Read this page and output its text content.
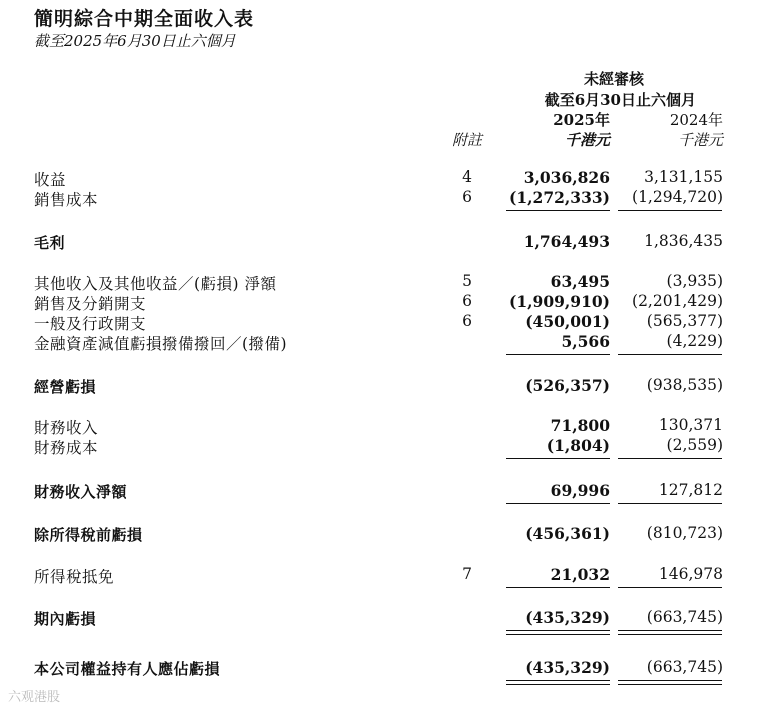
簡明綜合中期全面收入表
截至2025年6月30日止六個月
未經審核
截至6月30日止六個月
2025年	2024年
附註	千港元	千港元
收益	4	3,036,826 3,131,155
銷售成本	6 (1,272,333) (1,294,720)
毛利	1,764,493 1,836,435
其他收入及其他收益／(虧損) 淨額	5	63,495	(3,935)
銷售及分銷開支	6 (1,909,910) (2,201,429)
一般及行政開支	6	(450,001) (565,377)
金融資產減值虧損撥備撥回／(撥備)	5,566	(4,229)
經營虧損	(526,357) (938,535)
財務收入	71,800	130,371
財務成本	(1,804)	(2,559)
財務收入淨額	69,996	127,812
除所得稅前虧損	(456,361) (810,723)
所得稅抵免	7	21,032	146,978
期內虧損	(435,329) (663,745)
本公司權益持有人應佔虧損	(435,329) (663,745)
六观港股
